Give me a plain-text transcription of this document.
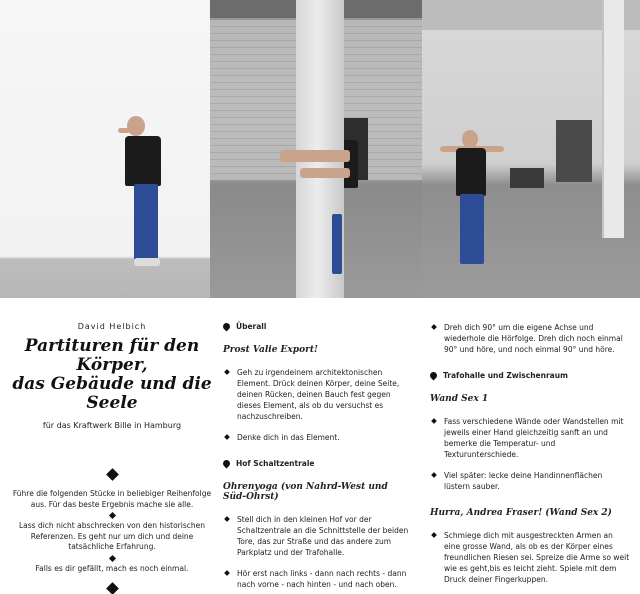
David Helbich
Partituren für den Körper,
das Gebäude und die Seele
für das Kraftwerk Bille in Hamburg
Führe die folgenden Stücke in beliebiger Reihenfolge aus. Für das beste Ergebnis mache sie alle.
Lass dich nicht abschrecken von den historischen Referenzen. Es geht nur um dich und deine tatsächliche Erfahrung.
Falls es dir gefällt, mach es noch einmal.
Überall
Prost Valie Export!
Geh zu irgendeinem architektonischen Element. Drück deinen Körper, deine Seite, deinen Rücken, deinen Bauch fest gegen dieses Element, als ob du versuchst es nachzuschreiben.
Denke dich in das Element.
Hof Schaltzentrale
Ohrenyoga (von Nahrd-West und Süd-Ohrst)
Stell dich in den kleinen Hof vor der Schaltzentrale an die Schnittstelle der beiden Tore, das zur Straße und das andere zum Parkplatz und der Trafohalle.
Hör erst nach links - dann nach rechts - dann nach vorne - nach hinten - und nach oben.
Dreh dich 90° um die eigene Achse und wiederhole die Hörfolge. Dreh dich noch einmal 90° und höre, und noch einmal 90° und höre.
Trafohalle und Zwischenraum
Wand Sex 1
Fass verschiedene Wände oder Wandstellen mit jeweils einer Hand gleichzeitig sanft an und bemerke die Temperatur- und Texturunterschiede.
Viel später: lecke deine Handinnenflächen lüstern sauber.
Hurra, Andrea Fraser! (Wand Sex 2)
Schmiege dich mit ausgestreckten Armen an eine grosse Wand, als ob es der Körper eines freundlichen Riesen sei. Spreize die Arme so weit wie es geht,bis es leicht zieht. Spiele mit dem Druck deiner Fingerkuppen.
